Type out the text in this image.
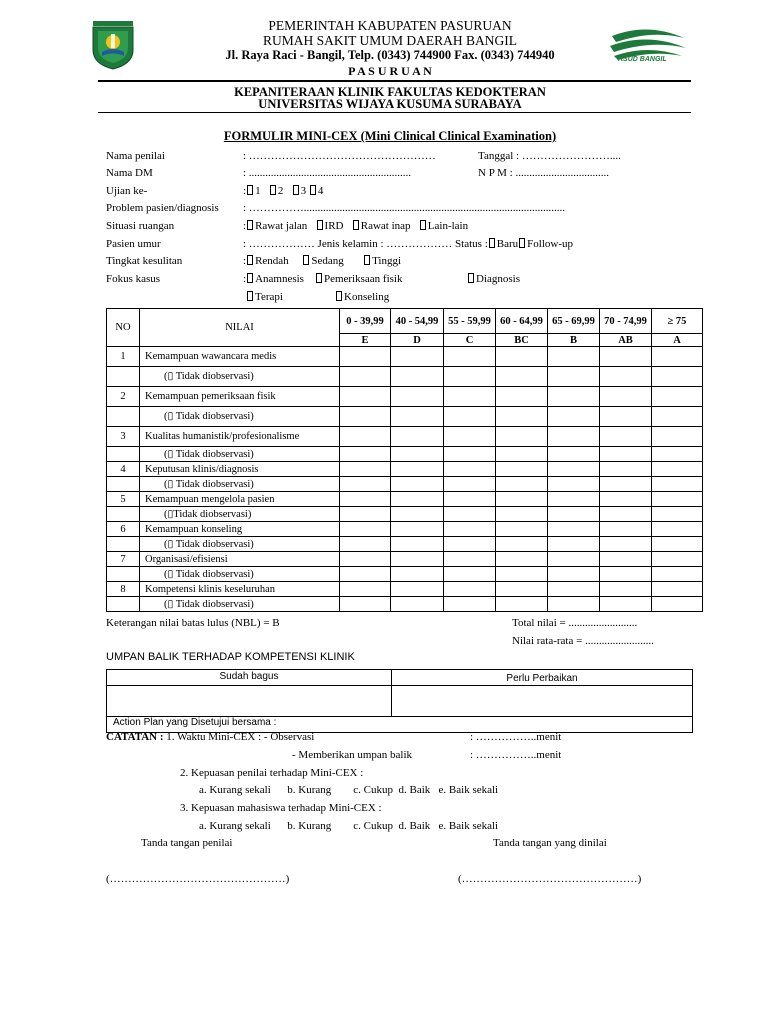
RSUD BANGIL
PEMERINTAH KABUPATEN PASURUAN
RUMAH SAKIT UMUM DAERAH BANGIL
Jl. Raya Raci - Bangil, Telp. (0343) 744900 Fax. (0343) 744940
P A S U R U A N
KEPANITERAAN KLINIK FAKULTAS KEDOKTERAN
UNIVERSITAS WIJAYA KUSUMA SURABAYA
FORMULIR MINI-CEX (Mini Clinical Clinical Examination)
Nama penilai	: ……………………………………………	Tanggal : ……………………....
Nama DM	: ...........................................................	N P M : ..................................
Ujian ke-	: 1 2 3 4
Problem pasien/diagnosis : ……………...............................................................................................
Situasi ruangan	: Rawat jalan IRD Rawat inap Lain-lain
Pasien umur	: ……………… Jenis kelamin : ……………… Status : Baru Follow-up
Tingkat kesulitan	: Rendah Sedang	Tinggi
Fokus kasus	: Anamnesis Pemeriksaan fisik	Diagnosis
Terapi	Konseling
NO	NILAI	0 - 39,99	40 - 54,99	55 - 59,99	60 - 64,99	65 - 69,99	70 - 74,99	≥ 75
		E	D	C	BC	B	AB	A
1	Kemampuan wawancara medis							
	(▯ Tidak diobservasi)							
2	Kemampuan pemeriksaan fisik							
	(▯ Tidak diobservasi)							
3	Kualitas humanistik/profesionalisme							
	(▯ Tidak diobservasi)							
4	Keputusan klinis/diagnosis							
	(▯ Tidak diobservasi)							
5	Kemampuan mengelola pasien							
	(▯Tidak diobservasi)							
6	Kemampuan konseling							
	(▯ Tidak diobservasi)							
7	Organisasi/efisiensi							
	(▯ Tidak diobservasi)							
8	Kompetensi klinis keseluruhan							
	(▯ Tidak diobservasi)							
Keterangan nilai batas lulus (NBL) = B	Total nilai = .........................
Nilai rata-rata = .........................
UMPAN BALIK TERHADAP KOMPETENSI KLINIK
Sudah bagus	Perlu Perbaikan
Action Plan yang Disetujui bersama :
CATATAN : 1. Waktu Mini-CEX : - Observasi	: ……………..menit
- Memberikan umpan balik	: ……………..menit
2. Kepuasan penilai terhadap Mini-CEX :
a. Kurang sekali b. Kurang c. Cukup d. Baik e. Baik sekali
3. Kepuasan mahasiswa terhadap Mini-CEX :
a. Kurang sekali b. Kurang c. Cukup d. Baik e. Baik sekali
Tanda tangan penilai	Tanda tangan yang dinilai
(…………………………………………)	(…………………………………………)
